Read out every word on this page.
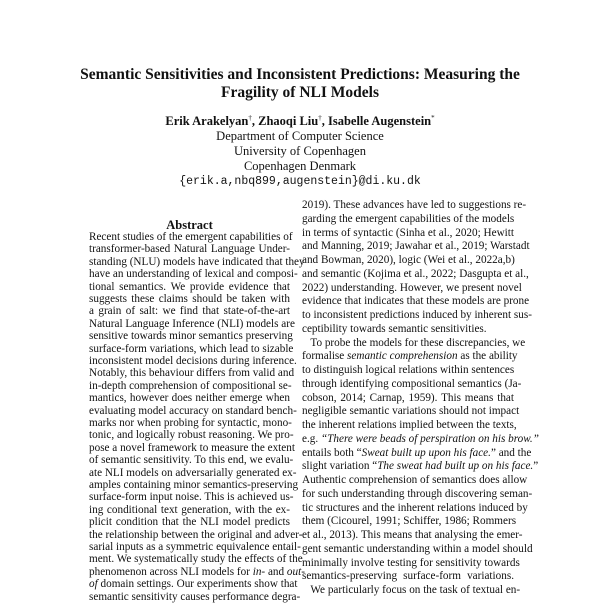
Semantic Sensitivities and Inconsistent Predictions: Measuring the
Fragility of NLI Models
Erik Arakelyan†, Zhaoqi Liu†, Isabelle Augenstein*
Department of Computer Science
University of Copenhagen
Copenhagen Denmark
{erik.a,nbq899,augenstein}@di.ku.dk
Abstract
Recent studies of the emergent capabilities of
transformer-based Natural Language Under-
standing (NLU) models have indicated that they
have an understanding of lexical and composi-
tional semantics. We provide evidence that
suggests these claims should be taken with
a grain of salt: we find that state-of-the-art
Natural Language Inference (NLI) models are
sensitive towards minor semantics preserving
surface-form variations, which lead to sizable
inconsistent model decisions during inference.
Notably, this behaviour differs from valid and
in-depth comprehension of compositional se-
mantics, however does neither emerge when
evaluating model accuracy on standard bench-
marks nor when probing for syntactic, mono-
tonic, and logically robust reasoning. We pro-
pose a novel framework to measure the extent
of semantic sensitivity. To this end, we evalu-
ate NLI models on adversarially generated ex-
amples containing minor semantics-preserving
surface-form input noise. This is achieved us-
ing conditional text generation, with the ex-
plicit condition that the NLI model predicts
the relationship between the original and adver-
sarial inputs as a symmetric equivalence entail-
ment. We systematically study the effects of the
phenomenon across NLI models for in- and out-
of domain settings. Our experiments show that
semantic sensitivity causes performance degra-
2019). These advances have led to suggestions re-
garding the emergent capabilities of the models
in terms of syntactic (Sinha et al., 2020; Hewitt
and Manning, 2019; Jawahar et al., 2019; Warstadt
and Bowman, 2020), logic (Wei et al., 2022a,b)
and semantic (Kojima et al., 2022; Dasgupta et al.,
2022) understanding. However, we present novel
evidence that indicates that these models are prone
to inconsistent predictions induced by inherent sus-
ceptibility towards semantic sensitivities.
To probe the models for these discrepancies, we
formalise semantic comprehension as the ability
to distinguish logical relations within sentences
through identifying compositional semantics (Ja-
cobson, 2014; Carnap, 1959). This means that
negligible semantic variations should not impact
the inherent relations implied between the texts,
e.g. “There were beads of perspiration on his brow.”
entails both “Sweat built up upon his face.” and the
slight variation “The sweat had built up on his face.”
Authentic comprehension of semantics does allow
for such understanding through discovering seman-
tic structures and the inherent relations induced by
them (Cicourel, 1991; Schiffer, 1986; Rommers
et al., 2013). This means that analysing the emer-
gent semantic understanding within a model should
minimally involve testing for sensitivity towards
semantics-preserving surface-form variations.
We particularly focus on the task of textual en-
